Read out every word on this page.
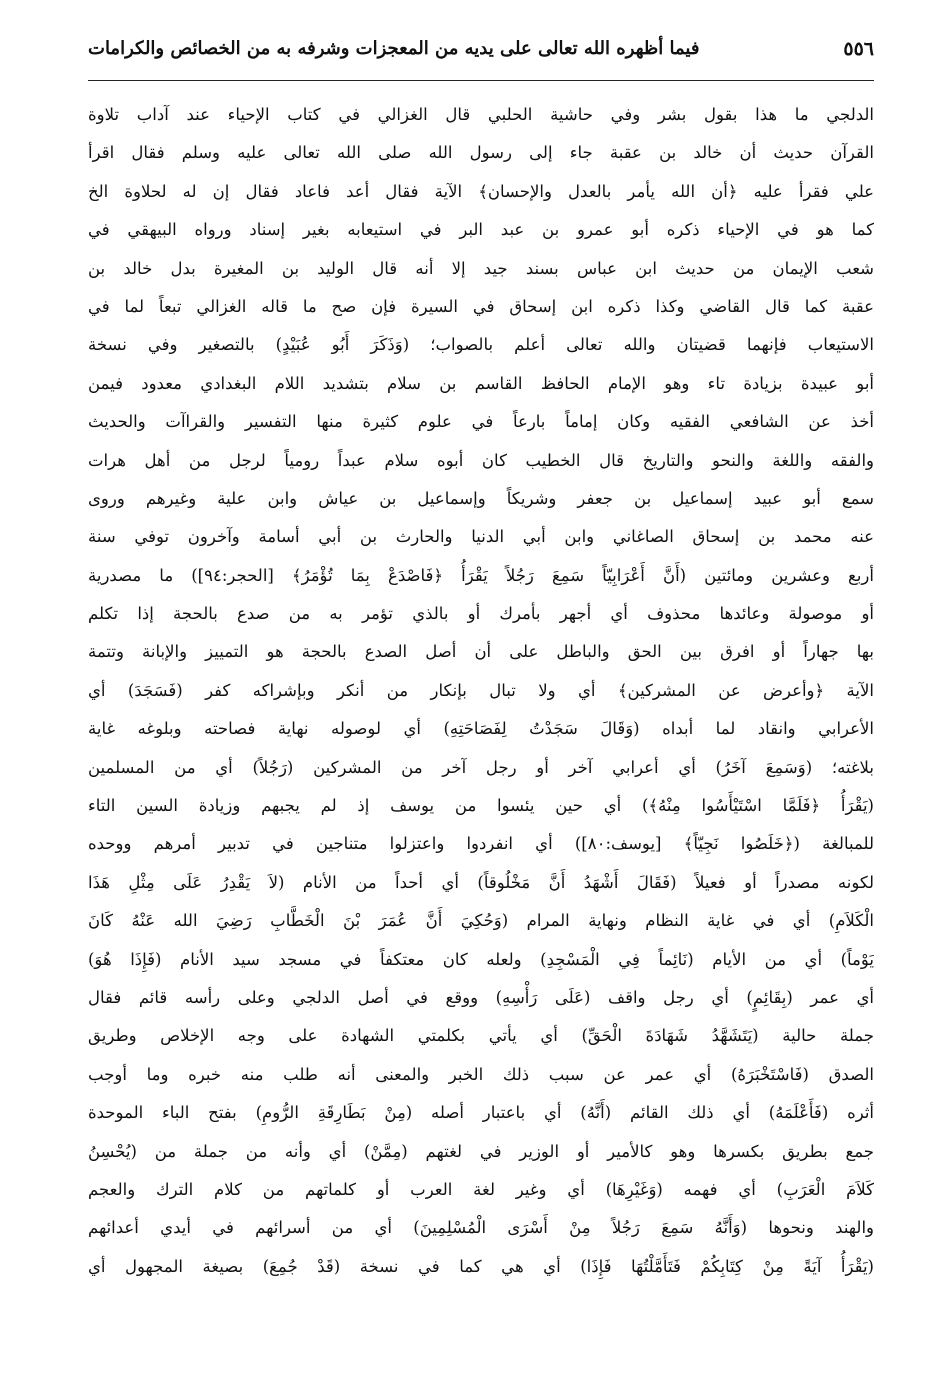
٥٥٦
فيما أظهره الله تعالى على يديه من المعجزات وشرفه به من الخصائص والكرامات
الدلجي ما هذا بقول بشر وفي حاشية الحلبي قال الغزالي في كتاب الإحياء عند آداب تلاوة
القرآن حديث أن خالد بن عقبة جاء إلى رسول الله صلى الله تعالى عليه وسلم فقال اقرأ
علي فقرأ عليه ﴿أن الله يأمر بالعدل والإحسان﴾ الآية فقال أعد فاعاد فقال إن له لحلاوة الخ
كما هو في الإحياء ذكره أبو عمرو بن عبد البر في استيعابه بغير إسناد ورواه البيهقي في
شعب الإيمان من حديث ابن عباس بسند جيد إلا أنه قال الوليد بن المغيرة بدل خالد بن
عقبة كما قال القاضي وكذا ذكره ابن إسحاق في السيرة فإن صح ما قاله الغزالي تبعاً لما في
الاستيعاب فإنهما قضيتان والله تعالى أعلم بالصواب؛ (وَذَكَرَ أَبُو عُبَيْدٍ) بالتصغير وفي نسخة
أبو عبيدة بزيادة تاء وهو الإمام الحافظ القاسم بن سلام بتشديد اللام البغدادي معدود فيمن
أخذ عن الشافعي الفقيه وكان إماماً بارعاً في علوم كثيرة منها التفسير والقراآت والحديث
والفقه واللغة والنحو والتاريخ قال الخطيب كان أبوه سلام عبداً رومياً لرجل من أهل هرات
سمع أبو عبيد إسماعيل بن جعفر وشريكاً وإسماعيل بن عياش وابن علية وغيرهم وروى
عنه محمد بن إسحاق الصاغاني وابن أبي الدنيا والحارث بن أبي أسامة وآخرون توفي سنة
أربع وعشرين ومائتين (أَنَّ أَعْرَابِيّاً سَمِعَ رَجُلاً يَقْرَأُ ﴿فَاصْدَعْ بِمَا تُؤْمَرُ﴾ [الحجر:٩٤]) ما مصدرية
أو موصولة وعائدها محذوف أي أجهر بأمرك أو بالذي تؤمر به من صدع بالحجة إذا تكلم
بها جهاراً أو افرق بين الحق والباطل على أن أصل الصدع بالحجة هو التمييز والإبانة وتتمة
الآية ﴿وأعرض عن المشركين﴾ أي ولا تبال بإنكار من أنكر وبإشراكه كفر (فَسَجَدَ) أي
الأعرابي وانقاد لما أبداه (وَقَالَ سَجَدْتُ لِفَصَاحَتِهِ) أي لوصوله نهاية فصاحته وبلوغه غاية
بلاغته؛ (وَسَمِعَ آخَرُ) أي أعرابي آخر أو رجل آخر من المشركين (رَجُلاً) أي من المسلمين
(يَقْرَأُ ﴿فَلَمَّا اسْتَيْأَسُوا مِنْهُ﴾) أي حين يئسوا من يوسف إذ لم يجبهم وزيادة السين التاء
للمبالغة (﴿خَلَصُوا نَجِيّاً﴾ [يوسف:٨٠]) أي انفردوا واعتزلوا متناجين في تدبير أمرهم ووحده
لكونه مصدراً أو فعيلاً (فَقَالَ أَشْهَدُ أَنَّ مَخْلُوقاً) أي أحداً من الأنام (لاَ يَقْدِرُ عَلَى مِثْلِ هَذَا
الْكَلاَمِ) أي في غاية النظام ونهاية المرام (وَحُكِيَ أَنَّ عُمَرَ بْنَ الْخَطَّابِ رَضِيَ الله عَنْهُ كَانَ
يَوْماً) أي من الأيام (نَائِماً فِي الْمَسْجِدِ) ولعله كان معتكفاً في مسجد سيد الأنام (فَإِذَا هُوَ)
أي عمر (بِقَائِمٍ) أي رجل واقف (عَلَى رَأْسِهِ) ووقع في أصل الدلجي وعلى رأسه قائم فقال
جملة حالية (يَتَشَهَّدُ شَهَادَةَ الْحَقِّ) أي يأتي بكلمتي الشهادة على وجه الإخلاص وطريق
الصدق (فَاسْتَخْبَرَهُ) أي عمر عن سبب ذلك الخبر والمعنى أنه طلب منه خبره وما أوجب
أثره (فَأَعْلَمَهُ) أي ذلك القائم (أَنَّهُ) أي باعتبار أصله (مِنْ بَطَارِقَةِ الرُّومِ) بفتح الباء الموحدة
جمع بطريق بكسرها وهو كالأمير أو الوزير في لغتهم (مِمَّنْ) أي وأنه من جملة من (يُحْسِنُ
كَلاَمَ الْعَرَبِ) أي فهمه (وَغَيْرِهَا) أي وغير لغة العرب أو كلماتهم من كلام الترك والعجم
والهند ونحوها (وَأَنَّهُ سَمِعَ رَجُلاً مِنْ أَسْرَى الْمُسْلِمِينَ) أي من أسرائهم في أيدي أعدائهم
(يَقْرَأُ آيَةً مِنْ كِتَابِكُمْ فَتَأَمَّلْتُهَا فَإِذَا) أي هي كما في نسخة (قَدْ جُمِعَ) بصيغة المجهول أي
